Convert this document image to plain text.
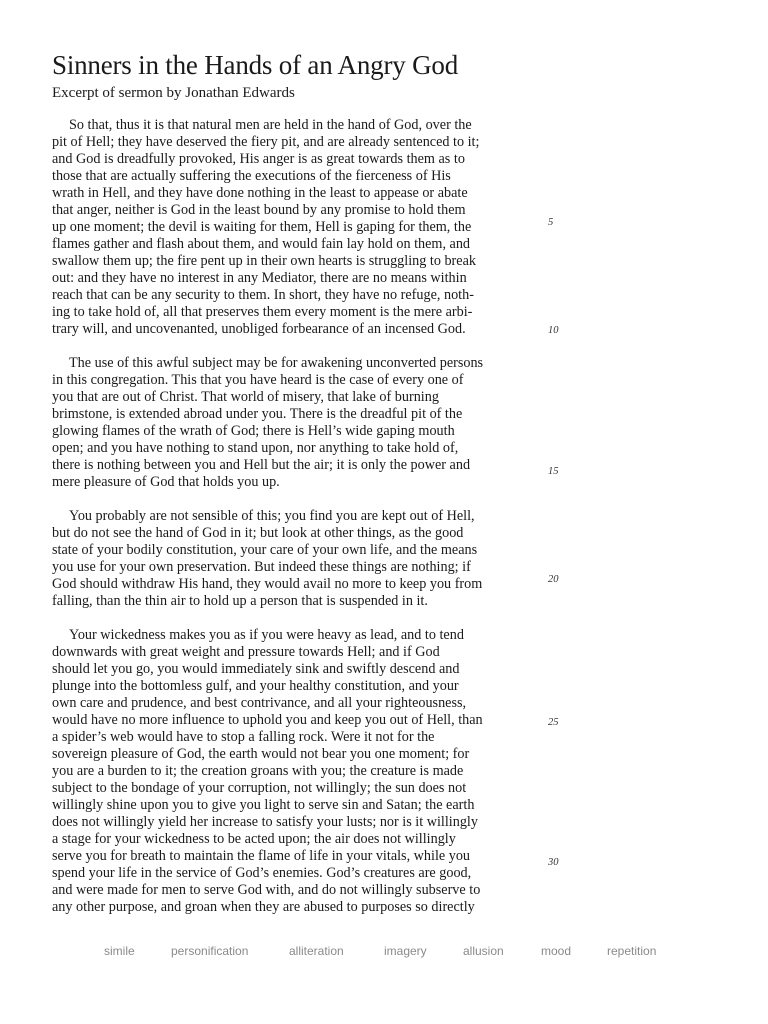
Sinners in the Hands of an Angry God
Excerpt of sermon by Jonathan Edwards

So that, thus it is that natural men are held in the hand of God, over the
pit of Hell; they have deserved the fiery pit, and are already sentenced to it;
and God is dreadfully provoked, His anger is as great towards them as to
those that are actually suffering the executions of the fierceness of His
wrath in Hell, and they have done nothing in the least to appease or abate
that anger, neither is God in the least bound by any promise to hold them
up one moment; the devil is waiting for them, Hell is gaping for them, the
flames gather and flash about them, and would fain lay hold on them, and
swallow them up; the fire pent up in their own hearts is struggling to break
out: and they have no interest in any Mediator, there are no means within
reach that can be any security to them. In short, they have no refuge, noth-
ing to take hold of, all that preserves them every moment is the mere arbi-
trary will, and uncovenanted, unobliged forbearance of an incensed God.

The use of this awful subject may be for awakening unconverted persons
in this congregation. This that you have heard is the case of every one of
you that are out of Christ. That world of misery, that lake of burning
brimstone, is extended abroad under you. There is the dreadful pit of the
glowing flames of the wrath of God; there is Hell’s wide gaping mouth
open; and you have nothing to stand upon, nor anything to take hold of,
there is nothing between you and Hell but the air; it is only the power and
mere pleasure of God that holds you up.

You probably are not sensible of this; you find you are kept out of Hell,
but do not see the hand of God in it; but look at other things, as the good
state of your bodily constitution, your care of your own life, and the means
you use for your own preservation. But indeed these things are nothing; if
God should withdraw His hand, they would avail no more to keep you from
falling, than the thin air to hold up a person that is suspended in it.

Your wickedness makes you as if you were heavy as lead, and to tend
downwards with great weight and pressure towards Hell; and if God
should let you go, you would immediately sink and swiftly descend and
plunge into the bottomless gulf, and your healthy constitution, and your
own care and prudence, and best contrivance, and all your righteousness,
would have no more influence to uphold you and keep you out of Hell, than
a spider’s web would have to stop a falling rock. Were it not for the
sovereign pleasure of God, the earth would not bear you one moment; for
you are a burden to it; the creation groans with you; the creature is made
subject to the bondage of your corruption, not willingly; the sun does not
willingly shine upon you to give you light to serve sin and Satan; the earth
does not willingly yield her increase to satisfy your lusts; nor is it willingly
a stage for your wickedness to be acted upon; the air does not willingly
serve you for breath to maintain the flame of life in your vitals, while you
spend your life in the service of God’s enemies. God’s creatures are good,
and were made for men to serve God with, and do not willingly subserve to
any other purpose, and groan when they are abused to purposes so directly

5
10
15
20
25
30
simile	personification	alliteration	imagery	allusion	mood	repetition
